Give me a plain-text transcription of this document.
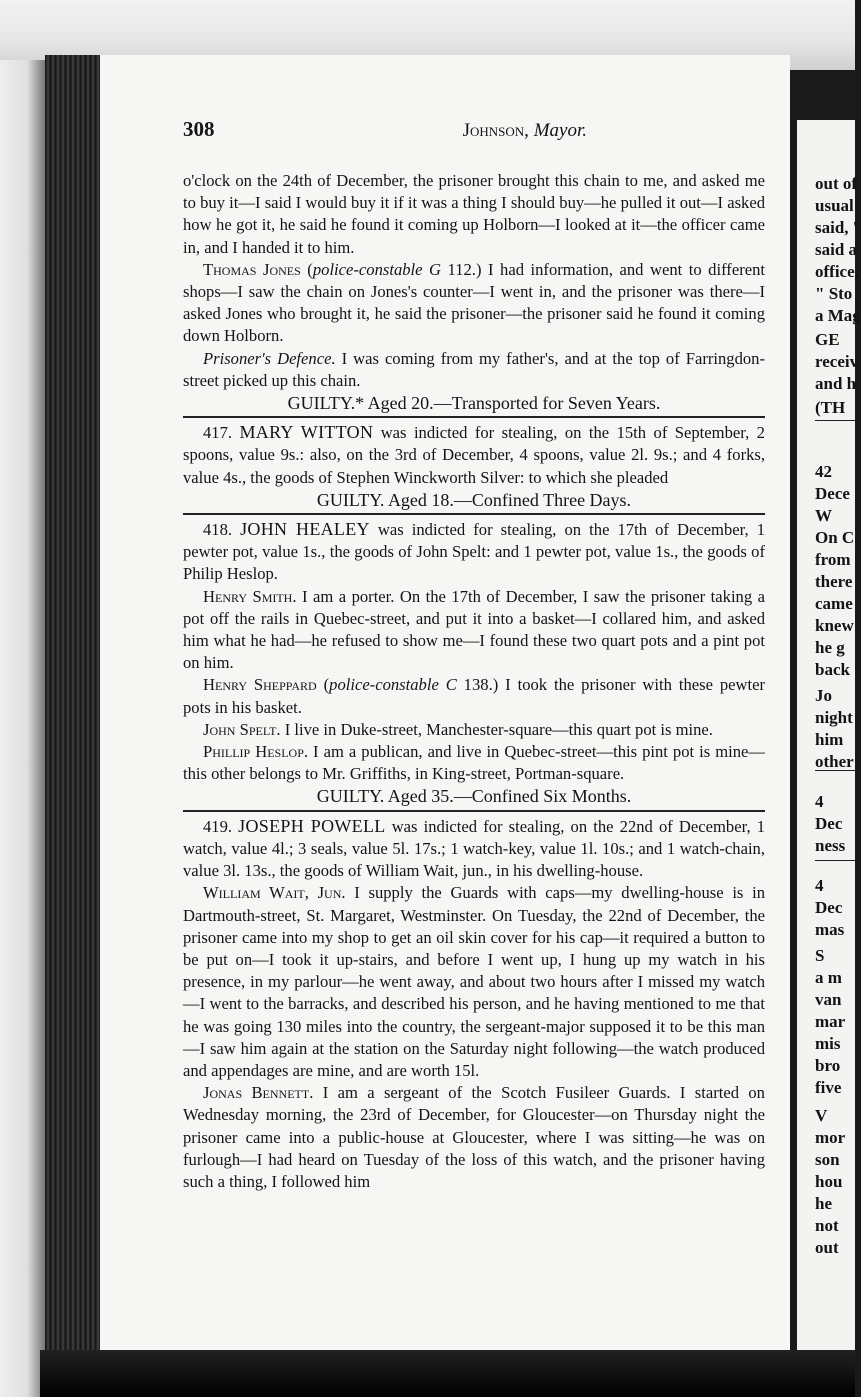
out of
usual
said, '
said a
office,
" Sto
a Mag
GE
receiv
and h
(TH
42
Dece
W
On C
from
there
came
knew
he g
back
Jo
night
him
other
4
Dec
ness
4
Dec
mas
S
a m
van
mar
mis
bro
five
V
mor
son
hou
he
not
out
308	Johnson, Mayor.

o'clock on the 24th of December, the prisoner brought this chain to me, and asked me to buy it—I said I would buy it if it was a thing I should buy—he pulled it out—I asked how he got it, he said he found it coming up Holborn—I looked at it—the officer came in, and I handed it to him.

Thomas Jones (police-constable G 112.) I had information, and went to different shops—I saw the chain on Jones's counter—I went in, and the prisoner was there—I asked Jones who brought it, he said the prisoner—the prisoner said he found it coming down Holborn.

Prisoner's Defence. I was coming from my father's, and at the top of Farringdon-street picked up this chain.

GUILTY.* Aged 20.—Transported for Seven Years.

417. MARY WITTON was indicted for stealing, on the 15th of September, 2 spoons, value 9s.: also, on the 3rd of December, 4 spoons, value 2l. 9s.; and 4 forks, value 4s., the goods of Stephen Winckworth Silver: to which she pleaded

GUILTY. Aged 18.—Confined Three Days.

418. JOHN HEALEY was indicted for stealing, on the 17th of December, 1 pewter pot, value 1s., the goods of John Spelt: and 1 pewter pot, value 1s., the goods of Philip Heslop.

Henry Smith. I am a porter. On the 17th of December, I saw the prisoner taking a pot off the rails in Quebec-street, and put it into a basket—I collared him, and asked him what he had—he refused to show me—I found these two quart pots and a pint pot on him.

Henry Sheppard (police-constable C 138.) I took the prisoner with these pewter pots in his basket.

John Spelt. I live in Duke-street, Manchester-square—this quart pot is mine.

Phillip Heslop. I am a publican, and live in Quebec-street—this pint pot is mine—this other belongs to Mr. Griffiths, in King-street, Portman-square.

GUILTY. Aged 35.—Confined Six Months.

419. JOSEPH POWELL was indicted for stealing, on the 22nd of December, 1 watch, value 4l.; 3 seals, value 5l. 17s.; 1 watch-key, value 1l. 10s.; and 1 watch-chain, value 3l. 13s., the goods of William Wait, jun., in his dwelling-house.

William Wait, Jun. I supply the Guards with caps—my dwelling-house is in Dartmouth-street, St. Margaret, Westminster. On Tuesday, the 22nd of December, the prisoner came into my shop to get an oil skin cover for his cap—it required a button to be put on—I took it up-stairs, and before I went up, I hung up my watch in his presence, in my parlour—he went away, and about two hours after I missed my watch—I went to the barracks, and described his person, and he having mentioned to me that he was going 130 miles into the country, the sergeant-major supposed it to be this man—I saw him again at the station on the Saturday night following—the watch produced and appendages are mine, and are worth 15l.

Jonas Bennett. I am a sergeant of the Scotch Fusileer Guards. I started on Wednesday morning, the 23rd of December, for Gloucester—on Thursday night the prisoner came into a public-house at Gloucester, where I was sitting—he was on furlough—I had heard on Tuesday of the loss of this watch, and the prisoner having such a thing, I followed him
